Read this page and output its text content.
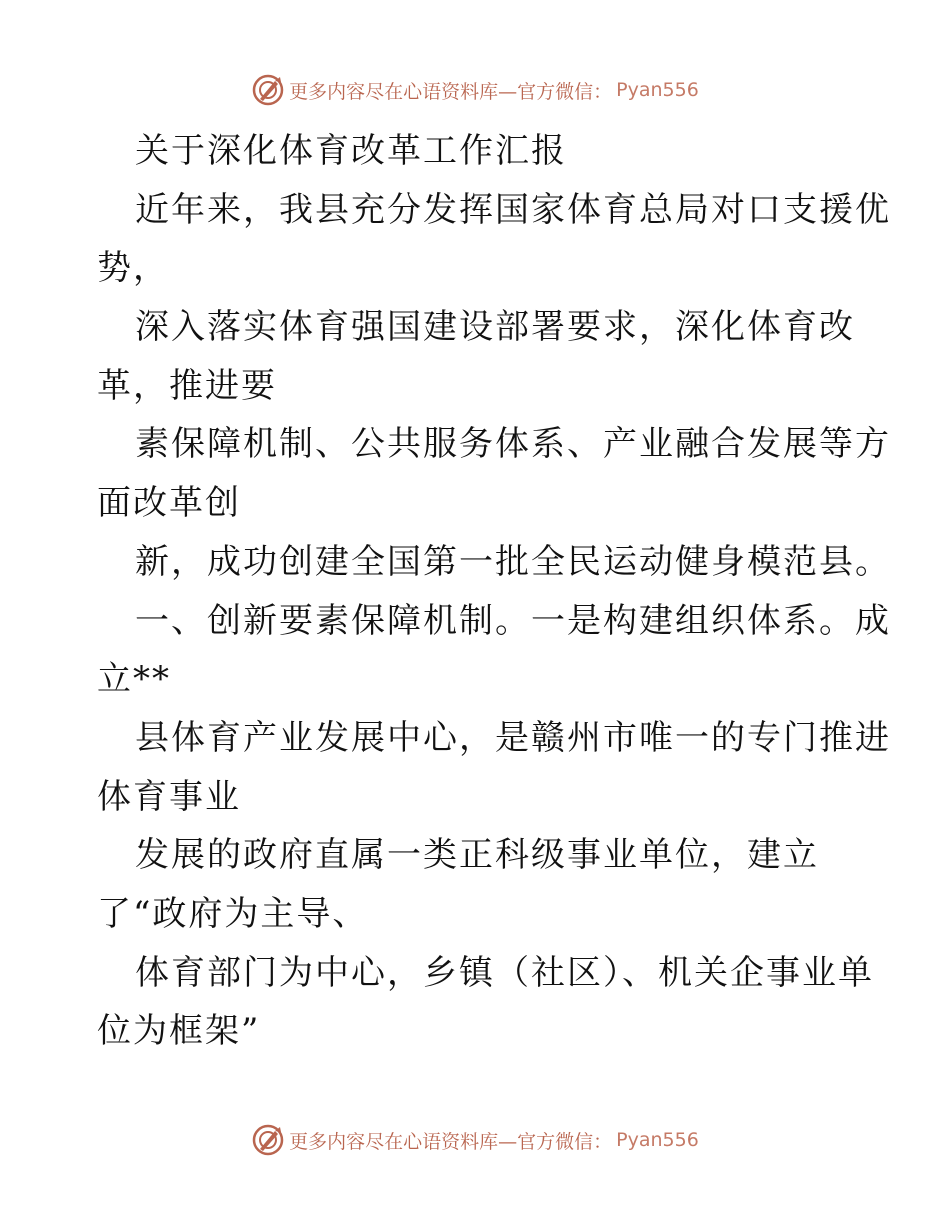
更多内容尽在心语资料库—官方微信： Pyan556
关于深化体育改革工作汇报
近年来，我县充分发挥国家体育总局对口支援优
势，
深入落实体育强国建设部署要求，深化体育改
革，推进要
素保障机制、公共服务体系、产业融合发展等方
面改革创
新，成功创建全国第一批全民运动健身模范县。
一、创新要素保障机制。一是构建组织体系。成
立**
县体育产业发展中心，是赣州市唯一的专门推进
体育事业
发展的政府直属一类正科级事业单位，建立
了“政府为主导、
体育部门为中心，乡镇（社区）、机关企事业单
位为框架”
更多内容尽在心语资料库—官方微信： Pyan556
